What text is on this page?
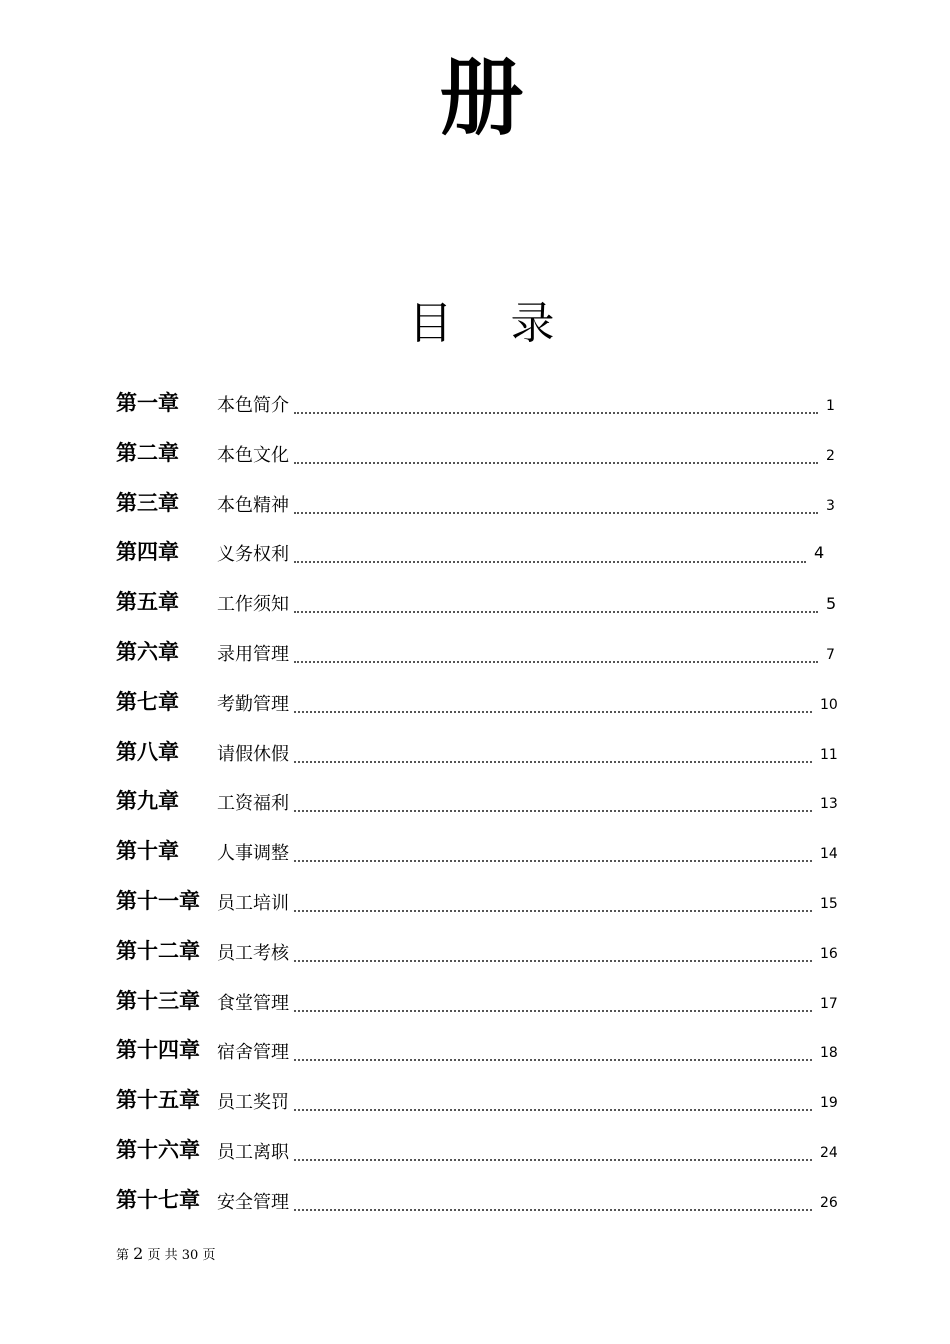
册
目 录
第一章 本色简介	1
第二章 本色文化	2
第三章 本色精神	3
第四章 义务权利	4
第五章 工作须知	5
第六章 录用管理	7
第七章 考勤管理	10
第八章 请假休假	11
第九章 工资福利	13
第十章 人事调整	14
第十一章 员工培训	15
第十二章 员工考核	16
第十三章 食堂管理	17
第十四章 宿舍管理	18
第十五章 员工奖罚	19
第十六章 员工离职	24
第十七章 安全管理	26
第 2 页 共 30 页
